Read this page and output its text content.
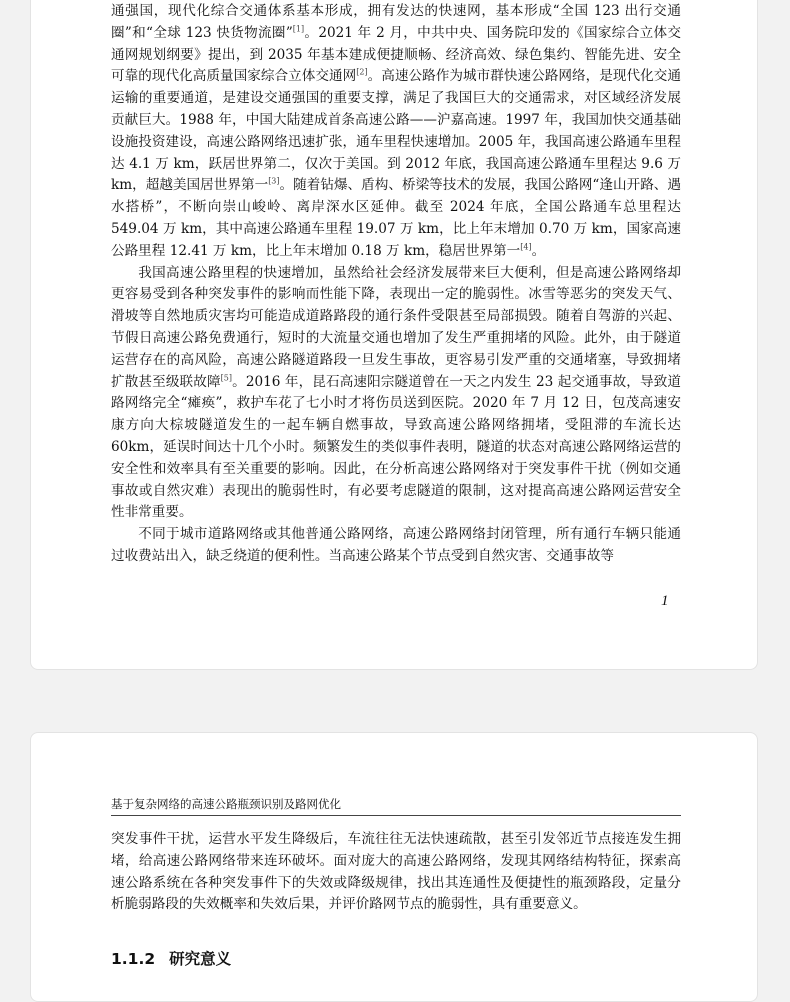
通强国，现代化综合交通体系基本形成，拥有发达的快速网，基本形成“全国 123 出行交通圈”和“全球 123 快货物流圈”[1]。2021 年 2 月，中共中央、国务院印发的《国家综合立体交通网规划纲要》提出，到 2035 年基本建成便捷顺畅、经济高效、绿色集约、智能先进、安全可靠的现代化高质量国家综合立体交通网[2]。高速公路作为城市群快速公路网络，是现代化交通运输的重要通道，是建设交通强国的重要支撑，满足了我国巨大的交通需求，对区域经济发展贡献巨大。1988 年，中国大陆建成首条高速公路——沪嘉高速。1997 年，我国加快交通基础设施投资建设，高速公路网络迅速扩张，通车里程快速增加。2005 年，我国高速公路通车里程达 4.1 万 km，跃居世界第二，仅次于美国。到 2012 年底，我国高速公路通车里程达 9.6 万 km，超越美国居世界第一[3]。随着钻爆、盾构、桥梁等技术的发展，我国公路网“逢山开路、遇水搭桥”，不断向崇山峻岭、离岸深水区延伸。截至 2024 年底，全国公路通车总里程达 549.04 万 km，其中高速公路通车里程 19.07 万 km，比上年末增加 0.70 万 km，国家高速公路里程 12.41 万 km，比上年末增加 0.18 万 km，稳居世界第一[4]。

我国高速公路里程的快速增加，虽然给社会经济发展带来巨大便利，但是高速公路网络却更容易受到各种突发事件的影响而性能下降，表现出一定的脆弱性。冰雪等恶劣的突发天气、滑坡等自然地质灾害均可能造成道路路段的通行条件受限甚至局部损毁。随着自驾游的兴起、节假日高速公路免费通行，短时的大流量交通也增加了发生严重拥堵的风险。此外，由于隧道运营存在的高风险，高速公路隧道路段一旦发生事故，更容易引发严重的交通堵塞，导致拥堵扩散甚至级联故障[5]。2016 年，昆石高速阳宗隧道曾在一天之内发生 23 起交通事故，导致道路网络完全“瘫痪”，救护车花了七小时才将伤员送到医院。2020 年 7 月 12 日，包茂高速安康方向大棕坡隧道发生的一起车辆自燃事故，导致高速公路网络拥堵，受阻滞的车流长达 60km，延误时间达十几个小时。频繁发生的类似事件表明，隧道的状态对高速公路网络运营的安全性和效率具有至关重要的影响。因此，在分析高速公路网络对于突发事件干扰（例如交通事故或自然灾难）表现出的脆弱性时，有必要考虑隧道的限制，这对提高高速公路网运营安全性非常重要。

不同于城市道路网络或其他普通公路网络，高速公路网络封闭管理，所有通行车辆只能通过收费站出入，缺乏绕道的便利性。当高速公路某个节点受到自然灾害、交通事故等

1
基于复杂网络的高速公路瓶颈识别及路网优化

突发事件干扰，运营水平发生降级后，车流往往无法快速疏散，甚至引发邻近节点接连发生拥堵，给高速公路网络带来连环破坏。面对庞大的高速公路网络，发现其网络结构特征，探索高速公路系统在各种突发事件下的失效或降级规律，找出其连通性及便捷性的瓶颈路段，定量分析脆弱路段的失效概率和失效后果，并评价路网节点的脆弱性，具有重要意义。

1.1.2 研究意义
